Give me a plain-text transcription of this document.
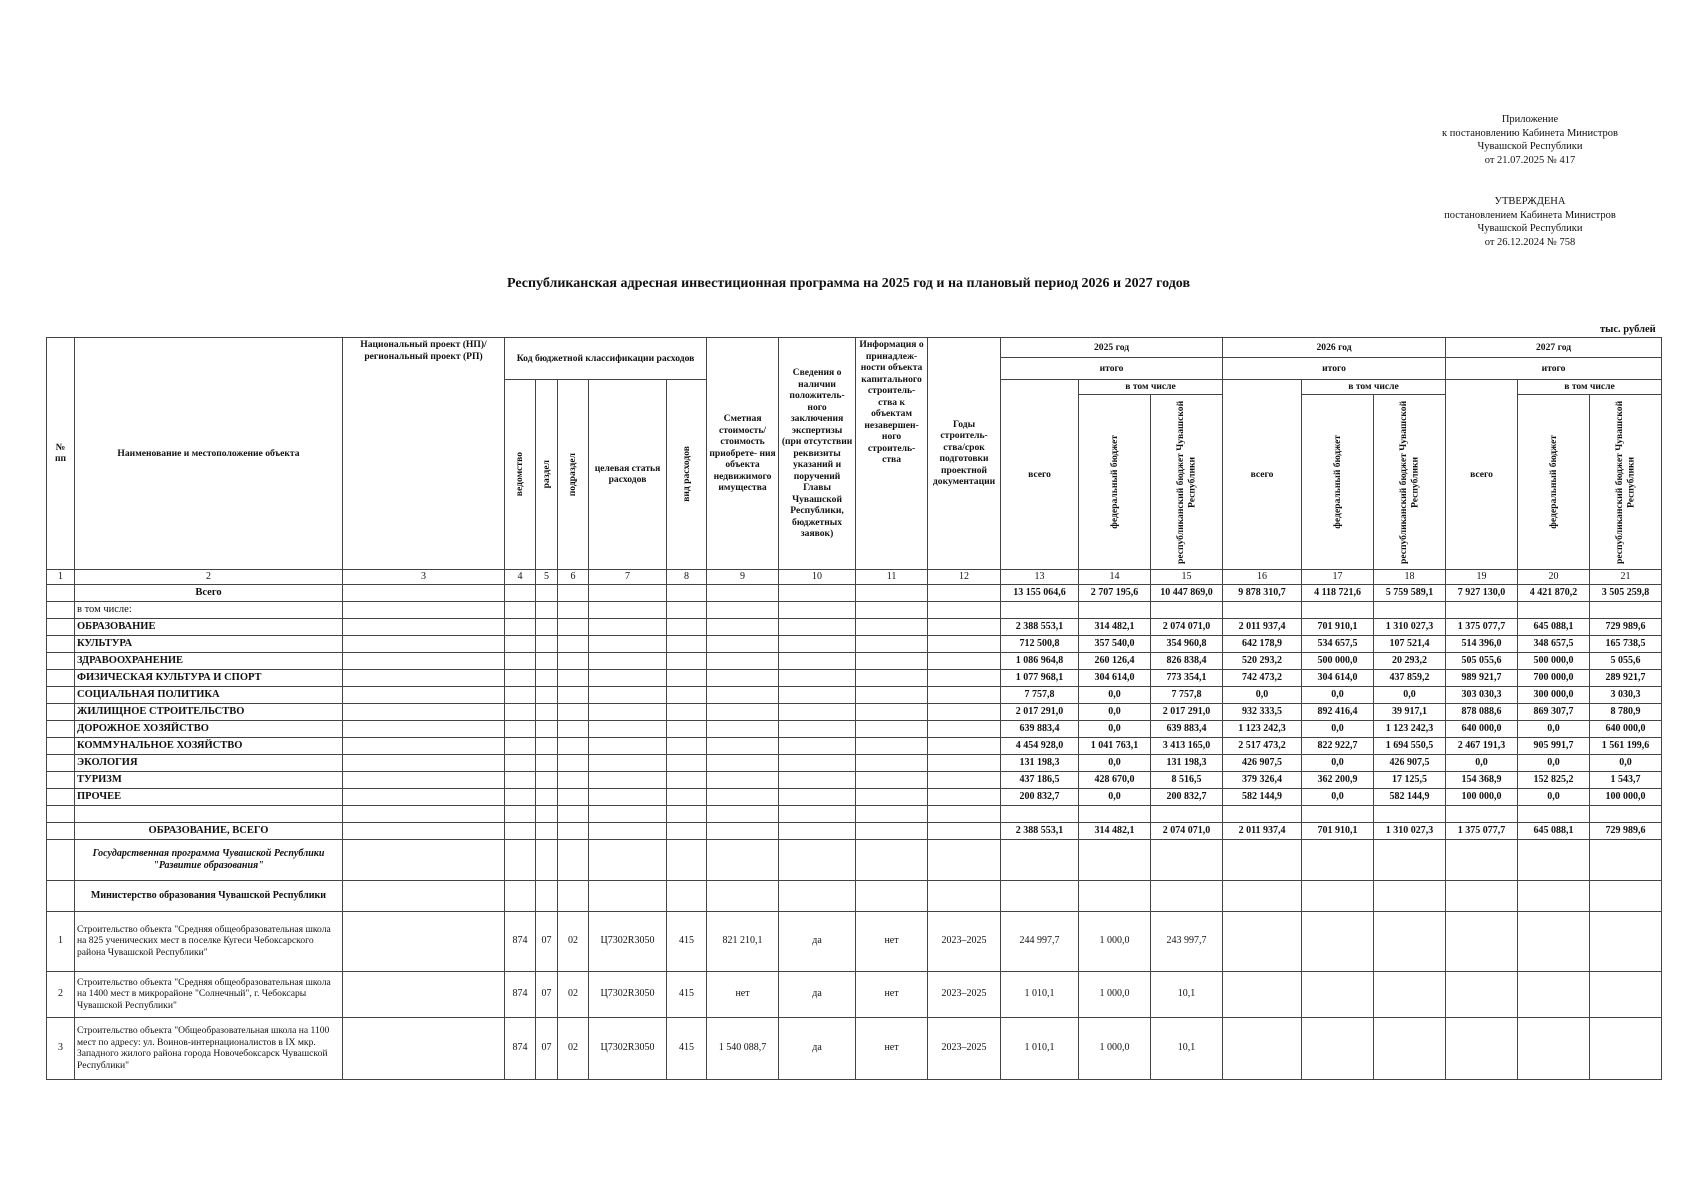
Приложение
к постановлению Кабинета Министров
Чувашской Республики
от 21.07.2025 № 417
УТВЕРЖДЕНА
постановлением Кабинета Министров
Чувашской Республики
от 26.12.2024 № 758
Республиканская адресная инвестиционная программа на 2025 год и на плановый период 2026 и 2027 годов
тыс. рублей
№ пп	Наименование и местоположение объекта	Национальный проект (НП)/ региональный проект (РП)	Код бюджетной классификации расходов					Сметная стоимость/ стоимость приобрете- ния объекта недвижимого имущества	Сведения о наличии положитель- ного заключения экспертизы (при отсутствии реквизиты указаний и поручений Главы Чувашской Республики, бюджетных заявок)	Информация о принадлеж- ности объекта капитального строитель- ства к объектам незавершен- ного строитель- ства	Годы строитель- ства/срок подготовки проектной документации	2025 год			2026 год			2027 год		
												итого			итого			итого		

			ведомство	раздел	подраздел	целевая статья расходов	вид расходов					всего	в том числе		всего	в том числе		всего	в том числе	

													федеральный бюджет	республиканский бюджет Чувашской Республики		федеральный бюджет	республиканский бюджет Чувашской Республики		федеральный бюджет	республиканский бюджет Чувашской Республики

1	2	3	4	5	6	7	8	9	10	11	12	13	14	15	16	17	18	19	20	21
	Всего											13 155 064,6	2 707 195,6	10 447 869,0	9 878 310,7	4 118 721,6	5 759 589,1	7 927 130,0	4 421 870,2	3 505 259,8
	в том числе:																			
	ОБРАЗОВАНИЕ											2 388 553,1	314 482,1	2 074 071,0	2 011 937,4	701 910,1	1 310 027,3	1 375 077,7	645 088,1	729 989,6
	КУЛЬТУРА											712 500,8	357 540,0	354 960,8	642 178,9	534 657,5	107 521,4	514 396,0	348 657,5	165 738,5
	ЗДРАВООХРАНЕНИЕ											1 086 964,8	260 126,4	826 838,4	520 293,2	500 000,0	20 293,2	505 055,6	500 000,0	5 055,6
	ФИЗИЧЕСКАЯ КУЛЬТУРА И СПОРТ											1 077 968,1	304 614,0	773 354,1	742 473,2	304 614,0	437 859,2	989 921,7	700 000,0	289 921,7
	СОЦИАЛЬНАЯ ПОЛИТИКА											7 757,8	0,0	7 757,8	0,0	0,0	0,0	303 030,3	300 000,0	3 030,3
	ЖИЛИЩНОЕ СТРОИТЕЛЬСТВО											2 017 291,0	0,0	2 017 291,0	932 333,5	892 416,4	39 917,1	878 088,6	869 307,7	8 780,9
	ДОРОЖНОЕ ХОЗЯЙСТВО											639 883,4	0,0	639 883,4	1 123 242,3	0,0	1 123 242,3	640 000,0	0,0	640 000,0
	КОММУНАЛЬНОЕ ХОЗЯЙСТВО											4 454 928,0	1 041 763,1	3 413 165,0	2 517 473,2	822 922,7	1 694 550,5	2 467 191,3	905 991,7	1 561 199,6
	ЭКОЛОГИЯ											131 198,3	0,0	131 198,3	426 907,5	0,0	426 907,5	0,0	0,0	0,0
	ТУРИЗМ											437 186,5	428 670,0	8 516,5	379 326,4	362 200,9	17 125,5	154 368,9	152 825,2	1 543,7
	ПРОЧЕЕ											200 832,7	0,0	200 832,7	582 144,9	0,0	582 144,9	100 000,0	0,0	100 000,0

	ОБРАЗОВАНИЕ, ВСЕГО											2 388 553,1	314 482,1	2 074 071,0	2 011 937,4	701 910,1	1 310 027,3	1 375 077,7	645 088,1	729 989,6
	Государственная программа Чувашской Республики "Развитие образования"																			
	Министерство образования Чувашской Республики																			
1	Строительство объекта "Средняя общеобразовательная школа на 825 ученических мест в поселке Кугеси Чебоксарского района Чувашской Республики"		874	07	02	Ц7302R3050	415	821 210,1	да	нет	2023–2025	244 997,7	1 000,0	243 997,7						
2	Строительство объекта "Средняя общеобразовательная школа на 1400 мест в микрорайоне "Солнечный", г. Чебоксары Чувашской Республики"		874	07	02	Ц7302R3050	415	нет	да	нет	2023–2025	1 010,1	1 000,0	10,1						
3	Строительство объекта "Общеобразовательная школа на 1100 мест по адресу: ул. Воинов-интернационалистов в IX мкр. Западного жилого района города Новочебоксарск Чувашской Республики"		874	07	02	Ц7302R3050	415	1 540 088,7	да	нет	2023–2025	1 010,1	1 000,0	10,1						
